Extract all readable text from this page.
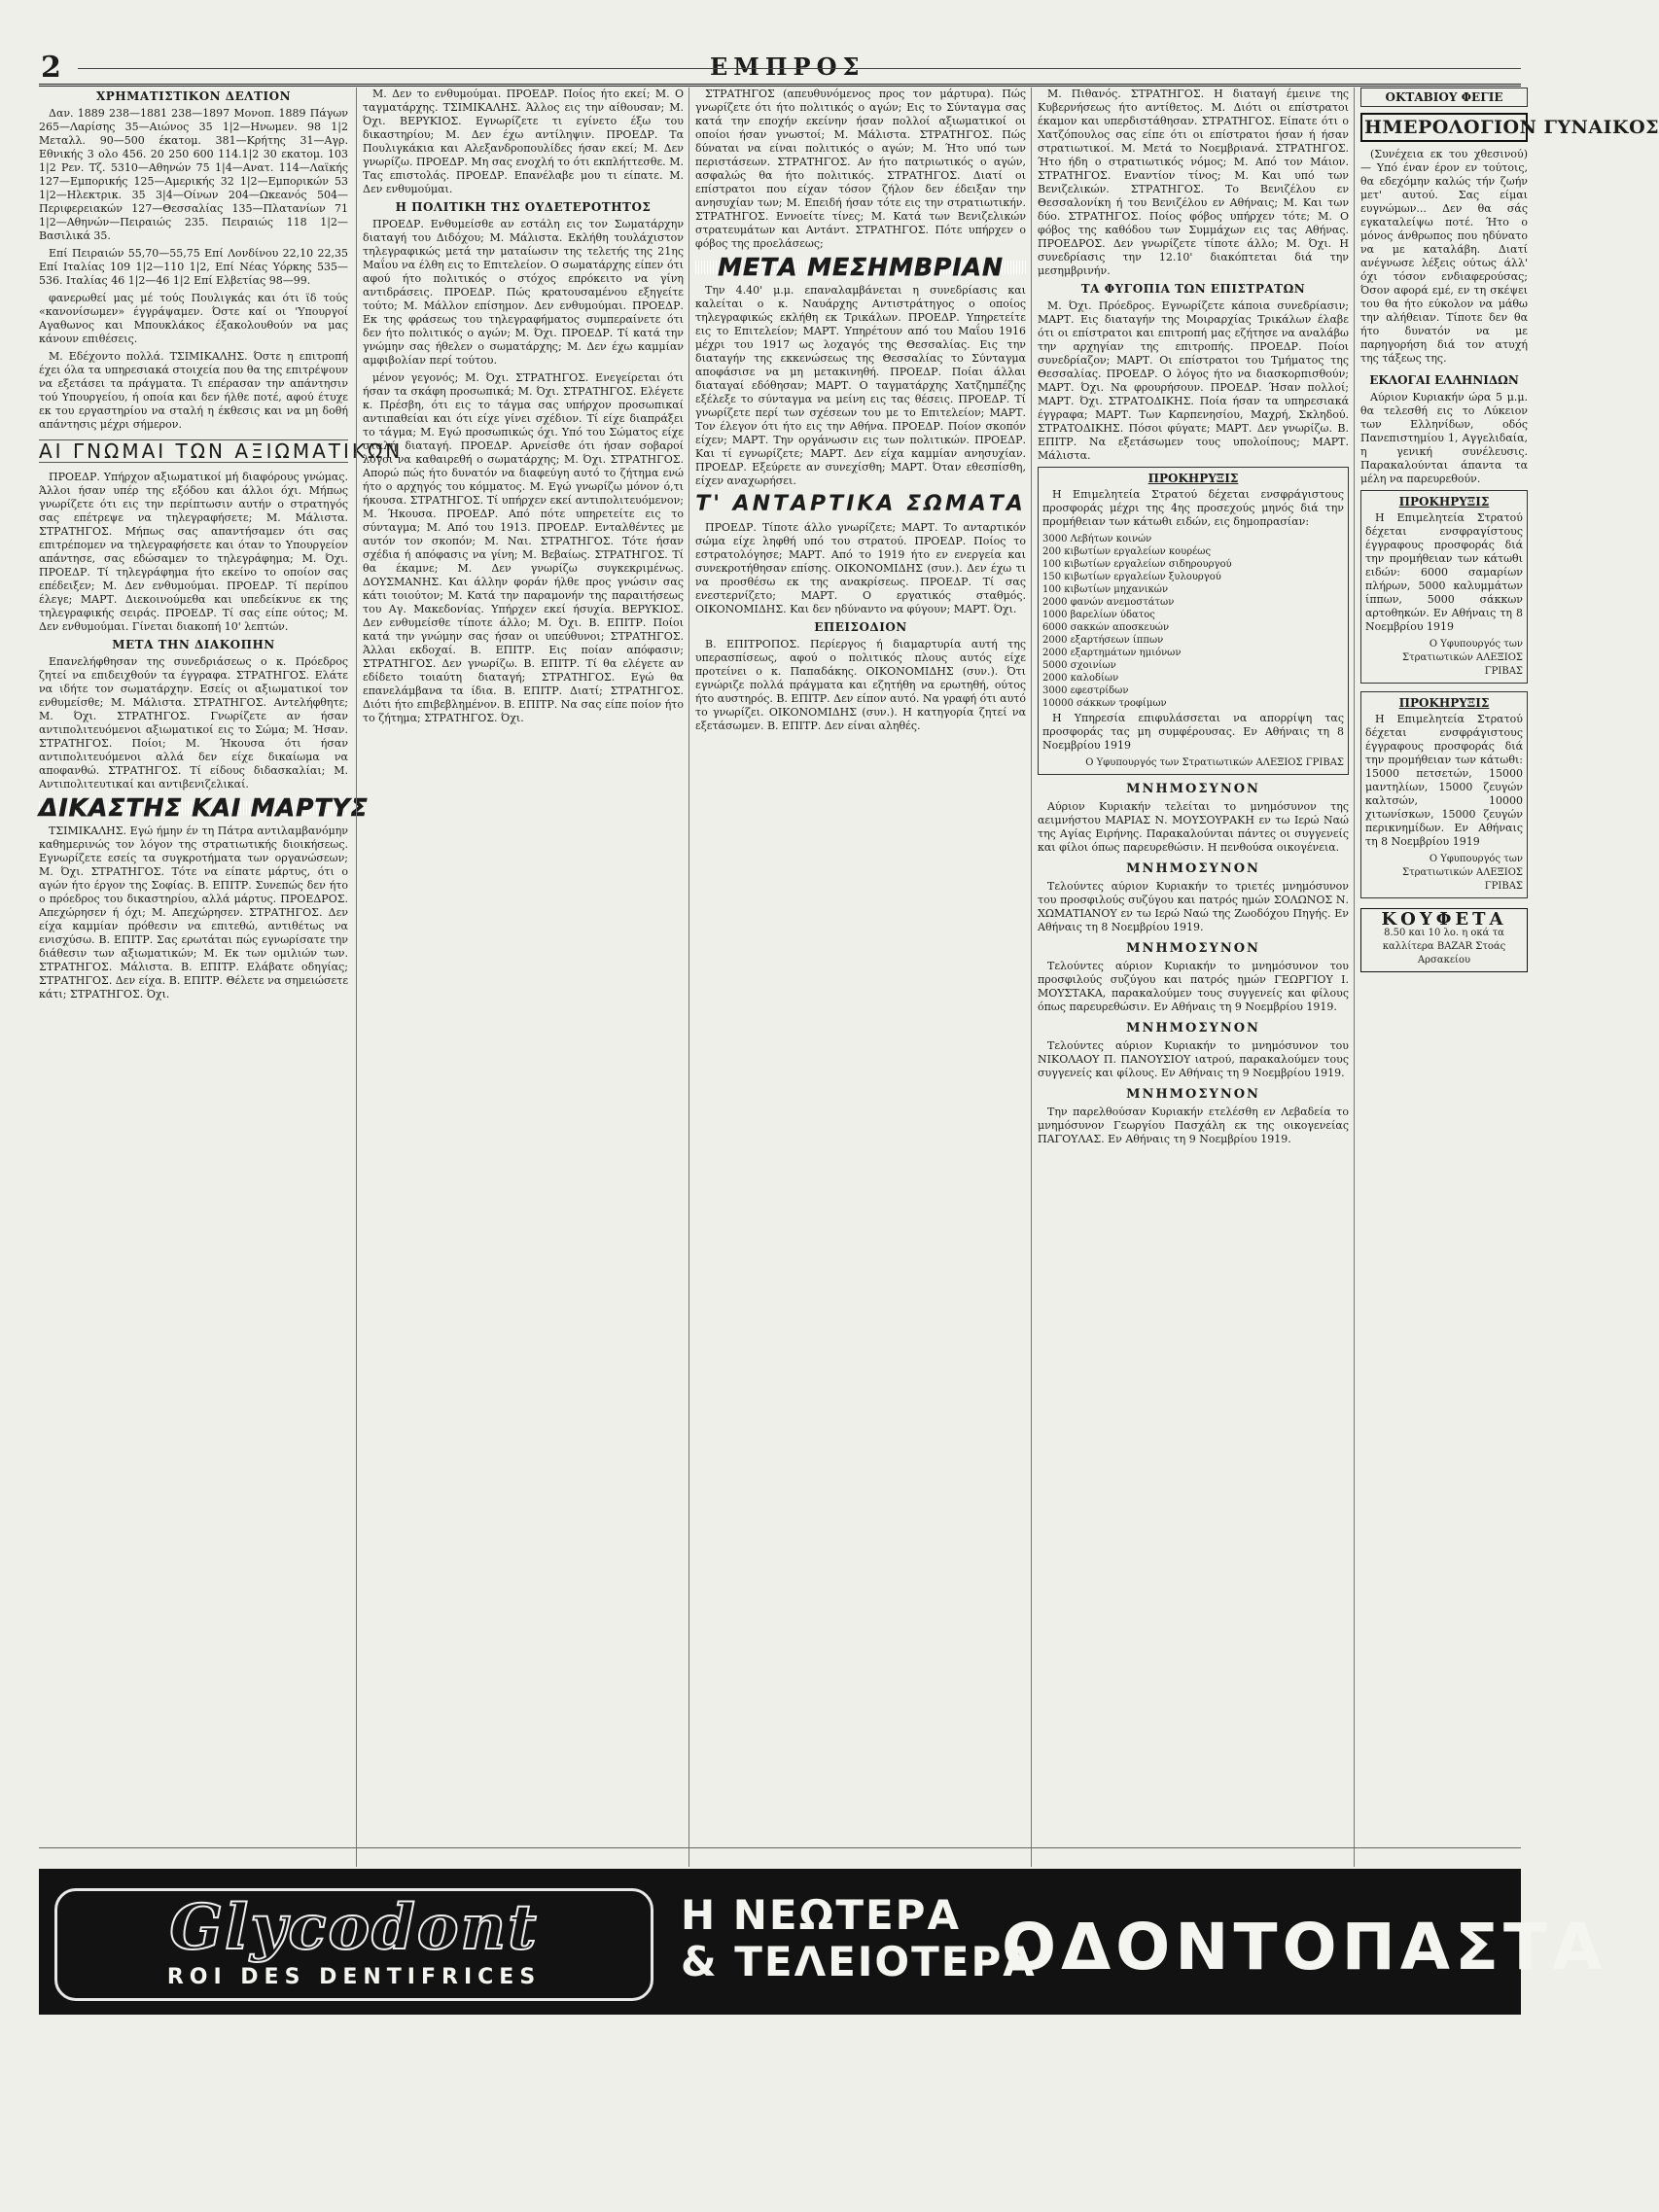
2	ΕΜΠΡΟΣ
ΧΡΗΜΑΤΙΣΤΙΚΟΝ ΔΕΛΤΙΟΝ

Δαν. 1889 238—1881 238—1897 Μονοπ. 1889 Πάγων 265—Λαρίσης 35—Αιώνος 35 1|2—Ηνωμεν. 98 1|2 Μεταλλ. 90—500 έκατομ. 381—Κρήτης 31—Αγρ. Εθνικής 3 ολο 456. 20 250 600 114.1|2 30 εκατομ. 103 1|2 Ρεν. Τζ. 5310—Αθηνών 75 1|4—Ανατ. 114—Λαϊκής 127—Εμπορικής 125—Αμερικής 32 1|2—Εμπορικών 53 1|2—Ηλεκτρικ. 35 3|4—Οίνων 204—Ωκεανός 504—Περιφερειακών 127—Θεσσαλίας 135—Πλατανίων 71 1|2—Αθηνών—Πειραιώς 235. Πειραιώς 118 1|2—Βασιλικά 35.

Επί Πειραιών 55,70—55,75 Επί Λονδίνου 22,10 22,35 Επί Ιταλίας 109 1|2—110 1|2, Επί Νέας Υόρκης 535—536. Ιταλίας 46 1|2—46 1|2 Επί Ελβετίας 98—99.

φανερωθεί μας μέ τούς Πουλιγκάς και ότι ϊδ τούς «κανονίσωμεν» έγγράψαμεν. Όστε καί οι 'Υπουργοί Αγαθωνος και Μπουκλάκος έξακολουθούν να μας κάνουν επιθέσεις.

Μ. Εδέχοντο πολλά. ΤΣΙΜΙΚΑΛΗΣ. Όστε η επιτροπή έχει όλα τα υπηρεσιακά στοιχεία που θα της επιτρέψουν να εξετάσει τα πράγματα. Τι επέρασαν την απάντησιν τού Υπουργείου, ή οποία και δεν ήλθε ποτέ, αφού έτυχε εκ του εργαστηρίου να σταλή η έκθεσις και να μη δοθή απάντησις μέχρι σήμερον.

ΑΙ ΓΝΩΜΑΙ ΤΩΝ ΑΞΙΩΜΑΤΙΚΩΝ

ΠΡΟΕΔΡ. Υπήρχον αξιωματικοί μή διαφόρους γνώμας. Άλλοι ήσαν υπέρ της εξόδου και άλλοι όχι. Μήπως γνωρίζετε ότι εις την περίπτωσιν αυτήν ο στρατηγός σας επέτρεψε να τηλεγραφήσετε; Μ. Μάλιστα. ΣΤΡΑΤΗΓΟΣ. Μήπως σας απαντήσαμεν ότι σας επιτρέπομεν να τηλεγραφήσετε και όταν το Υπουργείον απάντησε, σας εδώσαμεν το τηλεγράφημα; Μ. Όχι. ΠΡΟΕΔΡ. Τί τηλεγράφημα ήτο εκείνο το οποίον σας επέδειξεν; Μ. Δεν ενθυμούμαι. ΠΡΟΕΔΡ. Τί περίπου έλεγε; ΜΑΡΤ. Διεκοινούμεθα και υπεδείκνυε εκ της τηλεγραφικής σειράς. ΠΡΟΕΔΡ. Τί σας είπε ούτος; Μ. Δεν ενθυμούμαι. Γίνεται διακοπή 10' λεπτών.

ΜΕΤΑ ΤΗΝ ΔΙΑΚΟΠΗΝ

Επανελήφθησαν της συνεδριάσεως ο κ. Πρόεδρος ζητεί να επιδειχθούν τα έγγραφα. ΣΤΡΑΤΗΓΟΣ. Ελάτε να ιδήτε τον σωματάρχην. Εσείς οι αξιωματικοί τον ενθυμείσθε; Μ. Μάλιστα. ΣΤΡΑΤΗΓΟΣ. Αντελήφθητε; Μ. Όχι. ΣΤΡΑΤΗΓΟΣ. Γνωρίζετε αν ήσαν αντιπολιτευόμενοι αξιωματικοί εις το Σώμα; Μ. Ήσαν. ΣΤΡΑΤΗΓΟΣ. Ποίοι; Μ. Ήκουσα ότι ήσαν αντιπολιτευόμενοι αλλά δεν είχε δικαίωμα να αποφανθώ. ΣΤΡΑΤΗΓΟΣ. Τί είδους διδασκαλίαι; Μ. Αντιπολιτευτικαί και αντιβενιζελικαί.

ΔΙΚΑΣΤΗΣ ΚΑΙ ΜΑΡΤΥΣ

ΤΣΙΜΙΚΑΛΗΣ. Εγώ ήμην έν τη Πάτρα αντιλαμβανόμην καθημερινώς τον λόγον της στρατιωτικής διοικήσεως. Εγνωρίζετε εσείς τα συγκροτήματα των οργανώσεων; Μ. Όχι. ΣΤΡΑΤΗΓΟΣ. Τότε να είπατε μάρτυς, ότι ο αγών ήτο έργον της Σοφίας. Β. ΕΠΙΤΡ. Συνεπώς δεν ήτο ο πρόεδρος του δικαστηρίου, αλλά μάρτυς. ΠΡΟΕΔΡΟΣ. Απεχώρησεν ή όχι; Μ. Απεχώρησεν. ΣΤΡΑΤΗΓΟΣ. Δεν είχα καμμίαν πρόθεσιν να επιτεθώ, αντιθέτως να ενισχύσω. Β. ΕΠΙΤΡ. Σας ερωτάται πώς εγνωρίσατε την διάθεσιν των αξιωματικών; Μ. Εκ των ομιλιών των. ΣΤΡΑΤΗΓΟΣ. Μάλιστα. Β. ΕΠΙΤΡ. Ελάβατε οδηγίας; ΣΤΡΑΤΗΓΟΣ. Δεν είχα. Β. ΕΠΙΤΡ. Θέλετε να σημειώσετε κάτι; ΣΤΡΑΤΗΓΟΣ. Όχι.

Μ. Δεν το ενθυμούμαι. ΠΡΟΕΔΡ. Ποίος ήτο εκεί; Μ. Ο ταγματάρχης. ΤΣΙΜΙΚΑΛΗΣ. Άλλος εις την αίθουσαν; Μ. Όχι. ΒΕΡΥΚΙΟΣ. Εγνωρίζετε τι εγίνετο έξω του δικαστηρίου; Μ. Δεν έχω αντίληψιν. ΠΡΟΕΔΡ. Τα Πουλιγκάκια και Αλεξανδροπουλίδες ήσαν εκεί; Μ. Δεν γνωρίζω. ΠΡΟΕΔΡ. Μη σας ενοχλή το ότι εκπλήττεσθε. Μ. Τας επιστολάς. ΠΡΟΕΔΡ. Επανέλαβε μου τι είπατε. Μ. Δεν ενθυμούμαι.

Η ΠΟΛΙΤΙΚΗ ΤΗΣ ΟΥΔΕΤΕΡΟΤΗΤΟΣ

ΠΡΟΕΔΡ. Ενθυμείσθε αν εστάλη εις τον Σωματάρχην διαταγή του Διδόχου; Μ. Μάλιστα. Εκλήθη τουλάχιστον τηλεγραφικώς μετά την ματαίωσιν της τελετής της 21ης Μαΐου να έλθη εις το Επιτελείον. Ο σωματάρχης είπεν ότι αφού ήτο πολιτικός ο στόχος επρόκειτο να γίνη αντιδράσεις. ΠΡΟΕΔΡ. Πώς κρατουσαμένου εξηγείτε τούτο; Μ. Μάλλον επίσημον. Δεν ενθυμούμαι. ΠΡΟΕΔΡ. Εκ της φράσεως του τηλεγραφήματος συμπεραίνετε ότι δεν ήτο πολιτικός ο αγών; Μ. Όχι. ΠΡΟΕΔΡ. Τί κατά την γνώμην σας ήθελεν ο σωματάρχης; Μ. Δεν έχω καμμίαν αμφιβολίαν περί τούτου.

μένον γεγονός; Μ. Όχι. ΣΤΡΑΤΗΓΟΣ. Ενεγείρεται ότι ήσαν τα σκάφη προσωπικά; Μ. Όχι. ΣΤΡΑΤΗΓΟΣ. Ελέγετε κ. Πρέσβη, ότι εις το τάγμα σας υπήρχον προσωπικαί αντιπαθείαι και ότι είχε γίνει σχέδιον. Τί είχε διαπράξει το τάγμα; Μ. Εγώ προσωπικώς όχι. Υπό του Σώματος είχε σταλή διαταγή. ΠΡΟΕΔΡ. Αρνείσθε ότι ήσαν σοβαροί λόγοι να καθαιρεθή ο σωματάρχης; Μ. Όχι. ΣΤΡΑΤΗΓΟΣ. Απορώ πώς ήτο δυνατόν να διαφεύγη αυτό το ζήτημα ενώ ήτο ο αρχηγός του κόμματος. Μ. Εγώ γνωρίζω μόνον ό,τι ήκουσα. ΣΤΡΑΤΗΓΟΣ. Τί υπήρχεν εκεί αντιπολιτευόμενον; Μ. Ήκουσα. ΠΡΟΕΔΡ. Από πότε υπηρετείτε εις το σύνταγμα; Μ. Από του 1913. ΠΡΟΕΔΡ. Ενταλθέντες με αυτόν τον σκοπόν; Μ. Ναι. ΣΤΡΑΤΗΓΟΣ. Τότε ήσαν σχέδια ή απόφασις να γίνη; Μ. Βεβαίως. ΣΤΡΑΤΗΓΟΣ. Τί θα έκαμνε; Μ. Δεν γνωρίζω συγκεκριμένως. ΔΟΥΣΜΑΝΗΣ. Και άλλην φοράν ήλθε προς γνώσιν σας κάτι τοιούτον; Μ. Κατά την παραμονήν της παραιτήσεως του Αγ. Μακεδονίας. Υπήρχεν εκεί ήσυχία. ΒΕΡΥΚΙΟΣ. Δεν ενθυμείσθε τίποτε άλλο; Μ. Όχι. Β. ΕΠΙΤΡ. Ποίοι κατά την γνώμην σας ήσαν οι υπεύθυνοι; ΣΤΡΑΤΗΓΟΣ. Άλλαι εκδοχαί. Β. ΕΠΙΤΡ. Εις ποίαν απόφασιν; ΣΤΡΑΤΗΓΟΣ. Δεν γνωρίζω. Β. ΕΠΙΤΡ. Τί θα ελέγετε αν εδίδετο τοιαύτη διαταγή; ΣΤΡΑΤΗΓΟΣ. Εγώ θα επανελάμβανα τα ίδια. Β. ΕΠΙΤΡ. Διατί; ΣΤΡΑΤΗΓΟΣ. Διότι ήτο επιβεβλημένον. Β. ΕΠΙΤΡ. Να σας είπε ποίον ήτο το ζήτημα; ΣΤΡΑΤΗΓΟΣ. Όχι.

ΣΤΡΑΤΗΓΟΣ (απευθυνόμενος προς τον μάρτυρα). Πώς γνωρίζετε ότι ήτο πολιτικός ο αγών; Εις το Σύνταγμα σας κατά την εποχήν εκείνην ήσαν πολλοί αξιωματικοί οι οποίοι ήσαν γνωστοί; Μ. Μάλιστα. ΣΤΡΑΤΗΓΟΣ. Πώς δύναται να είναι πολιτικός ο αγών; Μ. Ήτο υπό των περιστάσεων. ΣΤΡΑΤΗΓΟΣ. Αν ήτο πατριωτικός ο αγών, ασφαλώς θα ήτο πολιτικός. ΣΤΡΑΤΗΓΟΣ. Διατί οι επίστρατοι που είχαν τόσον ζήλον δεν έδειξαν την ανησυχίαν των; Μ. Επειδή ήσαν τότε εις την στρατιωτικήν. ΣΤΡΑΤΗΓΟΣ. Εννοείτε τίνες; Μ. Κατά των Βενιζελικών στρατευμάτων και Αντάντ. ΣΤΡΑΤΗΓΟΣ. Πότε υπήρχεν ο φόβος της προελάσεως;

ΜΕΤΑ ΜΕΣΗΜΒΡΙΑΝ

Την 4.40' μ.μ. επαναλαμβάνεται η συνεδρίασις και καλείται ο κ. Ναυάρχης Αντιστράτηγος ο οποίος τηλεγραφικώς εκλήθη εκ Τρικάλων. ΠΡΟΕΔΡ. Υπηρετείτε εις το Επιτελείον; ΜΑΡΤ. Υπηρέτουν από του Μαΐου 1916 μέχρι του 1917 ως λοχαγός της Θεσσαλίας. Εις την διαταγήν της εκκενώσεως της Θεσσαλίας το Σύνταγμα αποφάσισε να μη μετακινηθή. ΠΡΟΕΔΡ. Ποίαι άλλαι διαταγαί εδόθησαν; ΜΑΡΤ. Ο ταγματάρχης Χατζημπέζης εξέλεξε το σύνταγμα να μείνη εις τας θέσεις. ΠΡΟΕΔΡ. Τί γνωρίζετε περί των σχέσεων του με το Επιτελείον; ΜΑΡΤ. Τον έλεγον ότι ήτο εις την Αθήνα. ΠΡΟΕΔΡ. Ποίον σκοπόν είχεν; ΜΑΡΤ. Την οργάνωσιν εις των πολιτικών. ΠΡΟΕΔΡ. Και τί εγνωρίζετε; ΜΑΡΤ. Δεν είχα καμμίαν ανησυχίαν. ΠΡΟΕΔΡ. Εξεύρετε αν συνεχίσθη; ΜΑΡΤ. Όταν εθεσπίσθη, είχεν αναχωρήσει.

Τ' ΑΝΤΑΡΤΙΚΑ ΣΩΜΑΤΑ

ΠΡΟΕΔΡ. Τίποτε άλλο γνωρίζετε; ΜΑΡΤ. Το ανταρτικόν σώμα είχε ληφθή υπό του στρατού. ΠΡΟΕΔΡ. Ποίος το εστρατολόγησε; ΜΑΡΤ. Από το 1919 ήτο εν ενεργεία και συνεκροτήθησαν επίσης. ΟΙΚΟΝΟΜΙΔΗΣ (συν.). Δεν έχω τι να προσθέσω εκ της ανακρίσεως. ΠΡΟΕΔΡ. Τί σας ενεστερνίζετο; ΜΑΡΤ. Ο εργατικός σταθμός. ΟΙΚΟΝΟΜΙΔΗΣ. Και δεν ηδύναντο να φύγουν; ΜΑΡΤ. Όχι.

ΕΠΕΙΣΟΔΙΟΝ

Β. ΕΠΙΤΡΟΠΟΣ. Περίεργος ή διαμαρτυρία αυτή της υπερασπίσεως, αφού ο πολιτικός πλους αυτός είχε προτείνει ο κ. Παπαδάκης. ΟΙΚΟΝΟΜΙΔΗΣ (συν.). Ότι εγνώριζε πολλά πράγματα και εζητήθη να ερωτηθή, ούτος ήτο αυστηρός. Β. ΕΠΙΤΡ. Δεν είπον αυτό. Να γραφή ότι αυτό το γνωρίζει. ΟΙΚΟΝΟΜΙΔΗΣ (συν.). Η κατηγορία ζητεί να εξετάσωμεν. Β. ΕΠΙΤΡ. Δεν είναι αληθές.

Μ. Πιθανός. ΣΤΡΑΤΗΓΟΣ. Η διαταγή έμεινε της Κυβερνήσεως ήτο αντίθετος. Μ. Διότι οι επίστρατοι έκαμον και υπερδιστάθησαν. ΣΤΡΑΤΗΓΟΣ. Είπατε ότι ο Χατζόπουλος σας είπε ότι οι επίστρατοι ήσαν ή ήσαν στρατιωτικοί. Μ. Μετά το Νοεμβριανά. ΣΤΡΑΤΗΓΟΣ. Ήτο ήδη ο στρατιωτικός νόμος; Μ. Από τον Μάιον. ΣΤΡΑΤΗΓΟΣ. Εναντίον τίνος; Μ. Και υπό των Βενιζελικών. ΣΤΡΑΤΗΓΟΣ. Το Βενιζέλου εν Θεσσαλονίκη ή του Βενιζέλου εν Αθήναις; Μ. Και των δύο. ΣΤΡΑΤΗΓΟΣ. Ποίος φόβος υπήρχεν τότε; Μ. Ο φόβος της καθόδου των Συμμάχων εις τας Αθήνας. ΠΡΟΕΔΡΟΣ. Δεν γνωρίζετε τίποτε άλλο; Μ. Όχι. Η συνεδρίασις την 12.10' διακόπτεται διά την μεσημβρινήν.

ΤΑ ΦΥΓΟΠΙΑ ΤΩΝ ΕΠΙΣΤΡΑΤΩΝ

Μ. Όχι. Πρόεδρος. Εγνωρίζετε κάποια συνεδρίασιν; ΜΑΡΤ. Εις διαταγήν της Μοιραρχίας Τρικάλων έλαβε ότι οι επίστρατοι και επιτροπή μας εζήτησε να αναλάβω την αρχηγίαν της επιτροπής. ΠΡΟΕΔΡ. Ποίοι συνεδρίαζον; ΜΑΡΤ. Οι επίστρατοι του Τμήματος της Θεσσαλίας. ΠΡΟΕΔΡ. Ο λόγος ήτο να διασκορπισθούν; ΜΑΡΤ. Όχι. Να φρουρήσουν. ΠΡΟΕΔΡ. Ήσαν πολλοί; ΜΑΡΤ. Όχι. ΣΤΡΑΤΟΔΙΚΗΣ. Ποία ήσαν τα υπηρεσιακά έγγραφα; ΜΑΡΤ. Των Καρπενησίου, Μαχρή, Σκληδού. ΣΤΡΑΤΟΔΙΚΗΣ. Πόσοι φύγατε; ΜΑΡΤ. Δεν γνωρίζω. Β. ΕΠΙΤΡ. Να εξετάσωμεν τους υπολοίπους; ΜΑΡΤ. Μάλιστα.

ΠΡΟΚΗΡΥΞΙΣ

Η Επιμελητεία Στρατού δέχεται ενσφράγιστους προσφοράς μέχρι της 4ης προσεχούς μηνός διά την προμήθειαν των κάτωθι ειδών, εις δημοπρασίαν:

3000 Λεβήτων κοινών
200 κιβωτίων εργαλείων κουρέως
100 κιβωτίων εργαλείων σιδηρουργού
150 κιβωτίων εργαλείων ξυλουργού
100 κιβωτίων μηχανικών
2000 φανών ανεμοστάτων
1000 βαρελίων ύδατος
6000 σακκών αποσκευών
2000 εξαρτήσεων ίππων
2000 εξαρτημάτων ημιόνων
5000 σχοινίων
2000 καλοδίων
3000 εφεστρίδων
10000 σάκκων τροφίμων

Η Υπηρεσία επιφυλάσσεται να απορρίψη τας προσφοράς τας μη συμφέρουσας. Εν Αθήναις τη 8 Νοεμβρίου 1919

Ο Υφυπουργός των Στρατιωτικών ΑΛΕΞΙΟΣ ΓΡΙΒΑΣ
ΜΝΗΜΟΣΥΝΟΝ

Αύριον Κυριακήν τελείται το μνημόσυνον της αειμνήστου ΜΑΡΙΑΣ Ν. ΜΟΥΣΟΥΡΑΚΗ εν τω Ιερώ Ναώ της Αγίας Ειρήνης. Παρακαλούνται πάντες οι συγγενείς και φίλοι όπως παρευρεθώσιν. Η πενθούσα οικογένεια.

ΜΝΗΜΟΣΥΝΟΝ

Τελούντες αύριον Κυριακήν το τριετές μνημόσυνον του προσφιλούς συζύγου και πατρός ημών ΣΟΛΩΝΟΣ Ν. ΧΩΜΑΤΙΑΝΟΥ εν τω Ιερώ Ναώ της Ζωοδόχου Πηγής. Εν Αθήναις τη 8 Νοεμβρίου 1919.

ΜΝΗΜΟΣΥΝΟΝ

Τελούντες αύριον Κυριακήν το μνημόσυνον του προσφιλούς συζύγου και πατρός ημών ΓΕΩΡΓΙΟΥ Ι. ΜΟΥΣΤΑΚΑ, παρακαλούμεν τους συγγενείς και φίλους όπως παρευρεθώσιν. Εν Αθήναις τη 9 Νοεμβρίου 1919.

ΜΝΗΜΟΣΥΝΟΝ

Τελούντες αύριον Κυριακήν το μνημόσυνον του ΝΙΚΟΛΑΟΥ Π. ΠΑΝΟΥΣΙΟΥ ιατρού, παρακαλούμεν τους συγγενείς και φίλους. Εν Αθήναις τη 9 Νοεμβρίου 1919.

ΜΝΗΜΟΣΥΝΟΝ

Την παρελθούσαν Κυριακήν ετελέσθη εν Λεβαδεία το μνημόσυνον Γεωργίου Πασχάλη εκ της οικογενείας ΠΑΓΟΥΛΑΣ. Εν Αθήναις τη 9 Νοεμβρίου 1919.

ΟΚΤΑΒΙΟΥ ΦΕΓΙΕ
ΗΜΕΡΟΛΟΓΙΟΝ ΓΥΝΑΙΚΟΣ

(Συνέχεια εκ του χθεσινού) — Υπό έναν έρον εν τούτοις, θα εδεχόμην καλώς τήν ζωήν μετ' αυτού. Σας είμαι ευγνώμων... Δεν θα σάς εγκαταλείψω ποτέ. Ήτο ο μόνος άνθρωπος που ηδύνατο να με καταλάβη. Διατί ανέγνωσε λέξεις ούτως άλλ' όχι τόσον ενδιαφερούσας; Όσον αφορά εμέ, εν τη σκέψει του θα ήτο εύκολον να μάθω την αλήθειαν. Τίποτε δεν θα ήτο δυνατόν να με παρηγορήση διά τον ατυχή της τάξεως της.

ΕΚΛΟΓΑΙ ΕΛΛΗΝΙΔΩΝ

Αύριον Κυριακήν ώρα 5 μ.μ. θα τελεσθή εις το Λύκειον των Ελληνίδων, οδός Πανεπιστημίου 1, Αγγελιδαία, η γενική συνέλευσις. Παρακαλούνται άπαντα τα μέλη να παρευρεθούν.

ΠΡΟΚΗΡΥΞΙΣ

Η Επιμελητεία Στρατού δέχεται ενσφραγίστους έγγραφους προσφοράς διά την προμήθειαν των κάτωθι ειδών: 6000 σαμαρίων πλήρων, 5000 καλυμμάτων ίππων, 5000 σάκκων αρτοθηκών. Εν Αθήναις τη 8 Νοεμβρίου 1919

Ο Υφυπουργός των Στρατιωτικών ΑΛΕΞΙΟΣ ΓΡΙΒΑΣ
ΠΡΟΚΗΡΥΞΙΣ

Η Επιμελητεία Στρατού δέχεται ενσφράγιστους έγγραφους προσφοράς διά την προμήθειαν των κάτωθι: 15000 πετσετών, 15000 μαντηλίων, 15000 ζευγών καλτσών, 10000 χιτωνίσκων, 15000 ζευγών περικνημίδων. Εν Αθήναις τη 8 Νοεμβρίου 1919

Ο Υφυπουργός των Στρατιωτικών ΑΛΕΞΙΟΣ ΓΡΙΒΑΣ
ΚΟΥΦΕΤΑ
8.50 και 10 λο. η οκά τα καλλίτερα BAZAR Στοάς Αρσακείου
Glycodont
ROI DES DENTIFRICES
Η ΝΕΩΤΕΡΑ
& ΤΕΛΕΙΟΤΕΡΑ
ΟΔΟΝΤΟΠΑΣΤΑ
